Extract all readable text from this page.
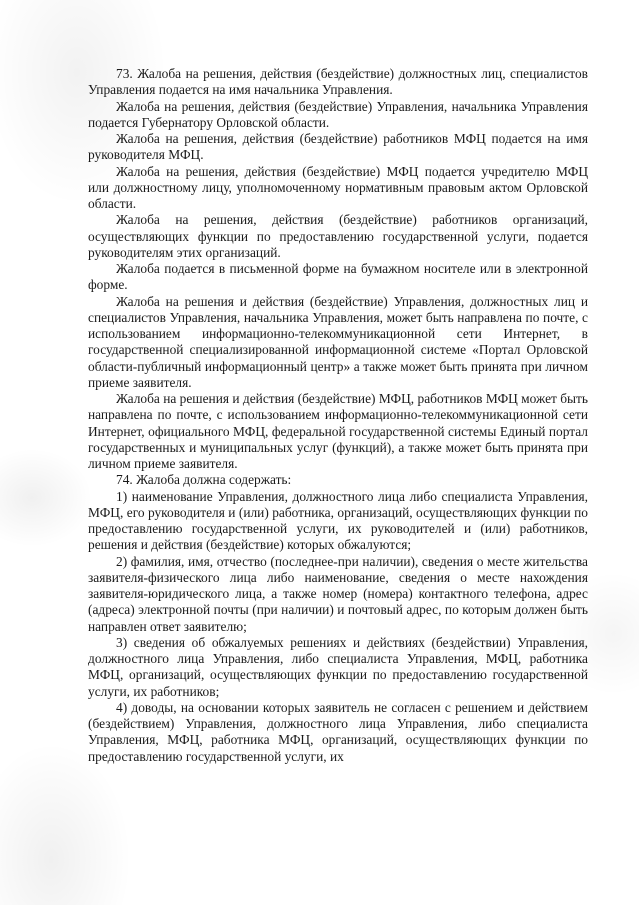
73. Жалоба на решения, действия (бездействие) должностных лиц, специалистов Управления подается на имя начальника Управления.

Жалоба на решения, действия (бездействие) Управления, начальника Управления подается Губернатору Орловской области.

Жалоба на решения, действия (бездействие) работников МФЦ подается на имя руководителя МФЦ.

Жалоба на решения, действия (бездействие) МФЦ подается учредителю МФЦ или должностному лицу, уполномоченному нормативным правовым актом Орловской области.

Жалоба на решения, действия (бездействие) работников организаций, осуществляющих функции по предоставлению государственной услуги, подается руководителям этих организаций.

Жалоба подается в письменной форме на бумажном носителе или в электронной форме.

Жалоба на решения и действия (бездействие) Управления, должностных лиц и специалистов Управления, начальника Управления, может быть направлена по почте, с использованием информационно-телекоммуникационной сети Интернет, в государственной специализированной информационной системе «Портал Орловской области-публичный информационный центр» а также может быть принята при личном приеме заявителя.

Жалоба на решения и действия (бездействие) МФЦ, работников МФЦ может быть направлена по почте, с использованием информационно-телекоммуникационной сети Интернет, официального МФЦ, федеральной государственной системы Единый портал государственных и муниципальных услуг (функций), а также может быть принята при личном приеме заявителя.

74. Жалоба должна содержать:

1) наименование Управления, должностного лица либо специалиста Управления, МФЦ, его руководителя и (или) работника, организаций, осуществляющих функции по предоставлению государственной услуги, их руководителей и (или) работников, решения и действия (бездействие) которых обжалуются;

2) фамилия, имя, отчество (последнее-при наличии), сведения о месте жительства заявителя-физического лица либо наименование, сведения о месте нахождения заявителя-юридического лица, а также номер (номера) контактного телефона, адрес (адреса) электронной почты (при наличии) и почтовый адрес, по которым должен быть направлен ответ заявителю;

3) сведения об обжалуемых решениях и действиях (бездействии) Управления, должностного лица Управления, либо специалиста Управления, МФЦ, работника МФЦ, организаций, осуществляющих функции по предоставлению государственной услуги, их работников;

4) доводы, на основании которых заявитель не согласен с решением и действием (бездействием) Управления, должностного лица Управления, либо специалиста Управления, МФЦ, работника МФЦ, организаций, осуществляющих функции по предоставлению государственной услуги, их
